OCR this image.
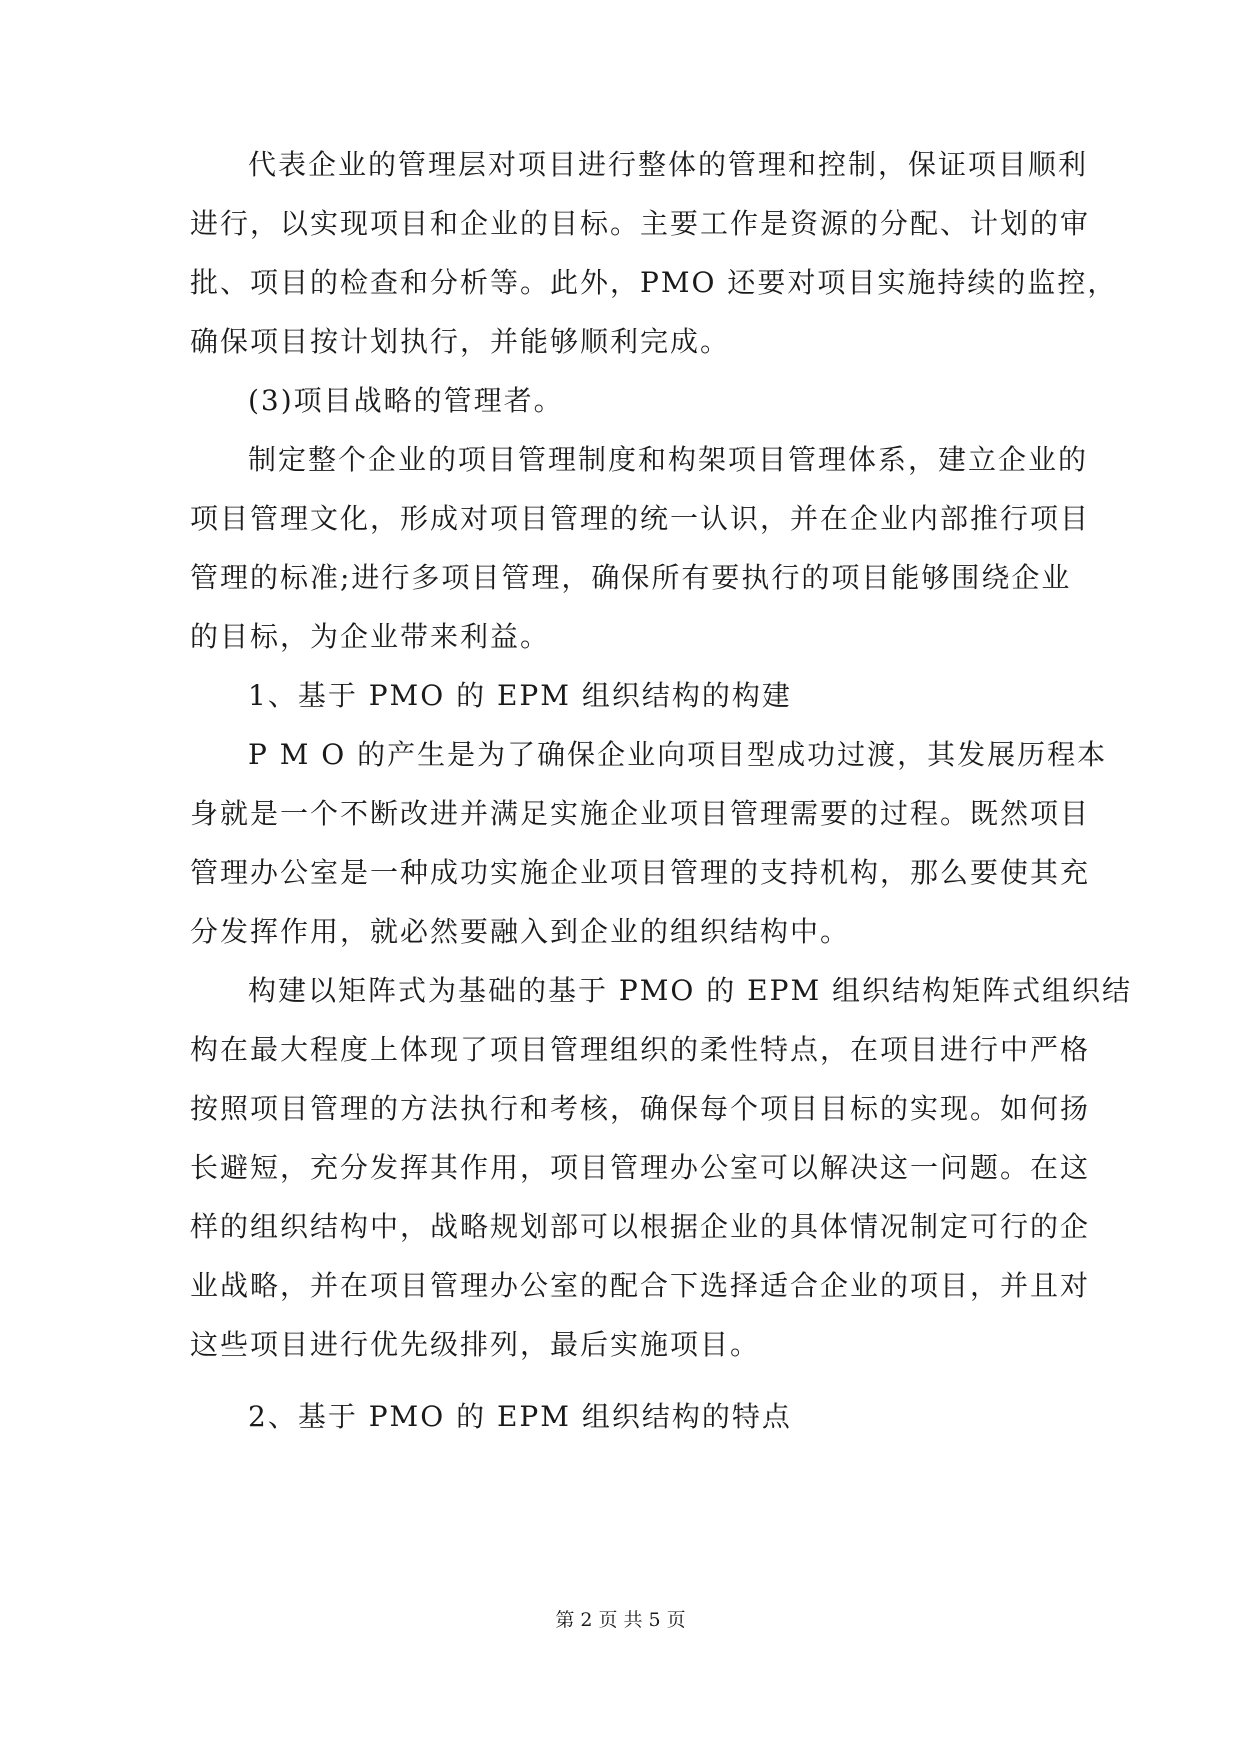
代表企业的管理层对项目进行整体的管理和控制，保证项目顺利
进行，以实现项目和企业的目标。主要工作是资源的分配、计划的审
批、项目的检查和分析等。此外，PMO 还要对项目实施持续的监控，
确保项目按计划执行，并能够顺利完成。
(3)项目战略的管理者。
制定整个企业的项目管理制度和构架项目管理体系，建立企业的
项目管理文化，形成对项目管理的统一认识，并在企业内部推行项目
管理的标准;进行多项目管理，确保所有要执行的项目能够围绕企业
的目标，为企业带来利益。
1、基于 PMO 的 EPM 组织结构的构建
P M O 的产生是为了确保企业向项目型成功过渡，其发展历程本
身就是一个不断改进并满足实施企业项目管理需要的过程。既然项目
管理办公室是一种成功实施企业项目管理的支持机构，那么要使其充
分发挥作用，就必然要融入到企业的组织结构中。
构建以矩阵式为基础的基于 PMO 的 EPM 组织结构矩阵式组织结
构在最大程度上体现了项目管理组织的柔性特点，在项目进行中严格
按照项目管理的方法执行和考核，确保每个项目目标的实现。如何扬
长避短，充分发挥其作用，项目管理办公室可以解决这一问题。在这
样的组织结构中，战略规划部可以根据企业的具体情况制定可行的企
业战略，并在项目管理办公室的配合下选择适合企业的项目，并且对
这些项目进行优先级排列，最后实施项目。
2、基于 PMO 的 EPM 组织结构的特点
第 2 页 共 5 页
